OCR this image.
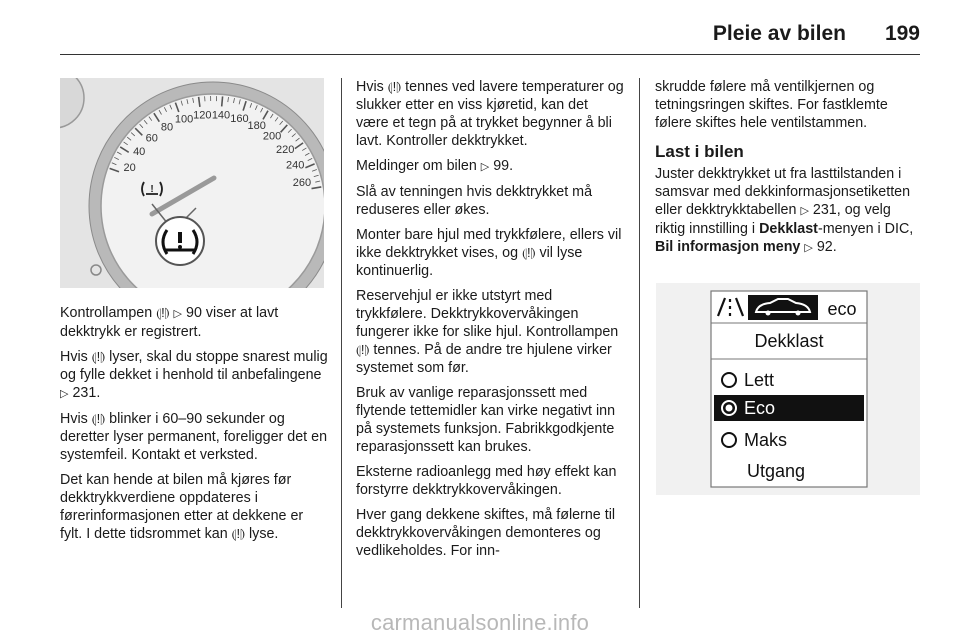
Pleie av bilen 199
20
40
60
80
100 120 140 160
180
200
220
240
260
!

Kontrollampen ⦇!⦈ ▷ 90 viser at lavt dekktrykk er registrert.

Hvis ⦇!⦈ lyser, skal du stoppe snarest mulig og fylle dekket i henhold til anbefalingene ▷ 231.

Hvis ⦇!⦈ blinker i 60–90 sekunder og deretter lyser permanent, foreligger det en systemfeil. Kontakt et verksted.

Det kan hende at bilen må kjøres før dekktrykkverdiene oppdateres i førerinformasjonen etter at dekkene er fylt. I dette tidsrommet kan ⦇!⦈ lyse.

Hvis ⦇!⦈ tennes ved lavere temperaturer og slukker etter en viss kjøretid, kan det være et tegn på at trykket begynner å bli lavt. Kontroller dekktrykket.

Meldinger om bilen ▷ 99.

Slå av tenningen hvis dekktrykket må reduseres eller økes.

Monter bare hjul med trykkfølere, ellers vil ikke dekktrykket vises, og ⦇!⦈ vil lyse kontinuerlig.

Reservehjul er ikke utstyrt med trykkfølere. Dekktrykkovervåkingen fungerer ikke for slike hjul. Kontrollampen ⦇!⦈ tennes. På de andre tre hjulene virker systemet som før.

Bruk av vanlige reparasjonssett med flytende tettemidler kan virke negativt inn på systemets funksjon. Fabrikkgodkjente reparasjonssett kan brukes.

Eksterne radioanlegg med høy effekt kan forstyrre dekktrykkovervåkingen.

Hver gang dekkene skiftes, må følerne til dekktrykkovervåkingen demonteres og vedlikeholdes. For inn-

skrudde følere må ventilkjernen og tetningsringen skiftes. For fastklemte følere skiftes hele ventilstammen.

Last i bilen

Juster dekktrykket ut fra lasttilstanden i samsvar med dekkinformasjonsetiketten eller dekktrykktabellen ▷ 231, og velg riktig innstilling i Dekklast-menyen i DIC, Bil informasjon meny ▷ 92.

eco
Dekklast
Lett
Eco
Maks
Utgang
carmanualsonline.info
